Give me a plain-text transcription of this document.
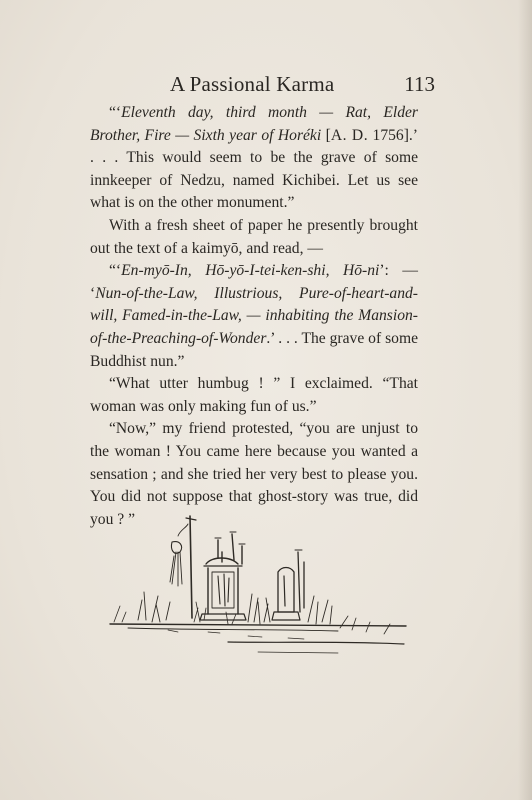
A Passional Karma	113

“‘Eleventh day, third month — Rat, Elder Brother, Fire — Sixth year of Horéki [A. D. 1756].’ . . . This would seem to be the grave of some innkeeper of Nedzu, named Kichibei. Let us see what is on the other monument.”

With a fresh sheet of paper he presently brought out the text of a kaimyō, and read, —

“‘En-myō-In, Hō-yō-I-tei-ken-shi, Hō-ni’: — ‘Nun-of-the-Law, Illustrious, Pure-of-heart-and-will, Famed-in-the-Law, — inhabiting the Mansion-of-the-Preaching-of-Wonder.’ . . . The grave of some Buddhist nun.”

“What utter humbug ! ” I exclaimed. “That woman was only making fun of us.”

“Now,” my friend protested, “you are unjust to the woman ! You came here because you wanted a sensation ; and she tried her very best to please you. You did not suppose that ghost-story was true, did you ? ”
